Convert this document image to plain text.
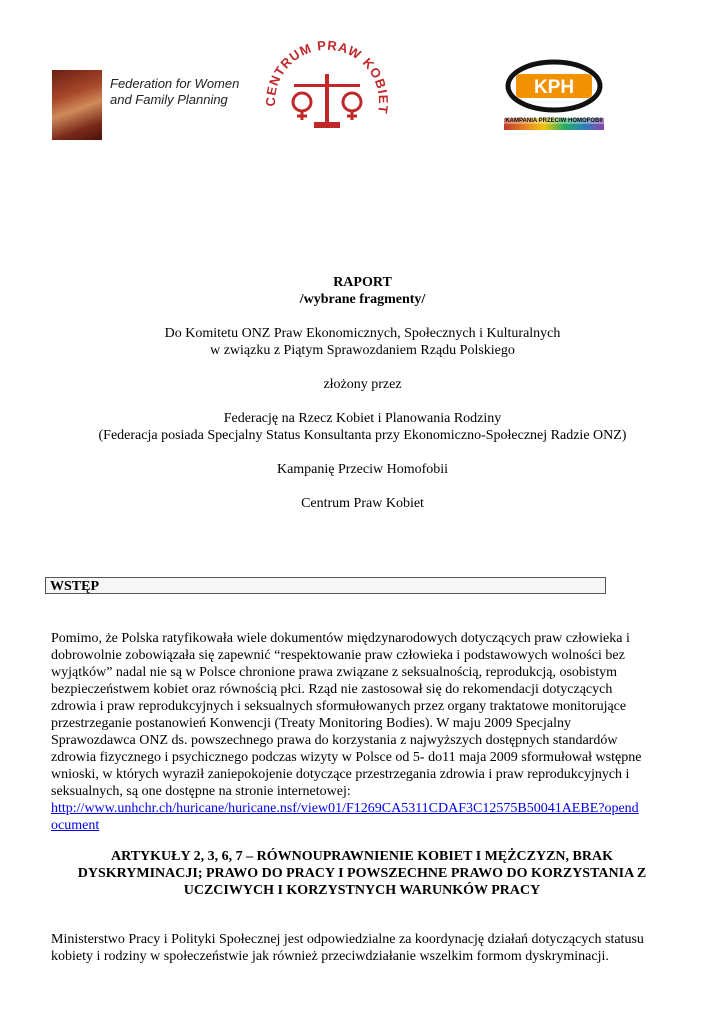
Federation for Women
and Family Planning	CENTRUM PRAW KOBIET
KPH
KAMPANIA PRZECIW HOMOFOBII
RAPORT
/wybrane fragmenty/
Do Komitetu ONZ Praw Ekonomicznych, Społecznych i Kulturalnych
w związku z Piątym Sprawozdaniem Rządu Polskiego
złożony przez
Federację na Rzecz Kobiet i Planowania Rodziny
(Federacja posiada Specjalny Status Konsultanta przy Ekonomiczno-Społecznej Radzie ONZ)
Kampanię Przeciw Homofobii
Centrum Praw Kobiet
WSTĘP
Pomimo, że Polska ratyfikowała wiele dokumentów międzynarodowych dotyczących praw człowieka i
dobrowolnie zobowiązała się zapewnić “respektowanie praw człowieka i podstawowych wolności bez
wyjątków” nadal nie są w Polsce chronione prawa związane z seksualnością, reprodukcją, osobistym
bezpieczeństwem kobiet oraz równością płci. Rząd nie zastosował się do rekomendacji dotyczących
zdrowia i praw reprodukcyjnych i seksualnych sformułowanych przez organy traktatowe monitorujące
przestrzeganie postanowień Konwencji (Treaty Monitoring Bodies). W maju 2009 Specjalny
Sprawozdawca ONZ ds. powszechnego prawa do korzystania z najwyższych dostępnych standardów
zdrowia fizycznego i psychicznego podczas wizyty w Polsce od 5- do11 maja 2009 sformułował wstępne
wnioski, w których wyraził zaniepokojenie dotyczące przestrzegania zdrowia i praw reprodukcyjnych i
seksualnych, są one dostępne na stronie internetowej:
http://www.unhchr.ch/huricane/huricane.nsf/view01/F1269CA5311CDAF3C12575B50041AEBE?opend
ocument
ARTYKUŁY 2, 3, 6, 7 – RÓWNOUPRAWNIENIE KOBIET I MĘŻCZYZN, BRAK
DYSKRYMINACJI; PRAWO DO PRACY I POWSZECHNE PRAWO DO KORZYSTANIA Z
UCZCIWYCH I KORZYSTNYCH WARUNKÓW PRACY
Ministerstwo Pracy i Polityki Społecznej jest odpowiedzialne za koordynację działań dotyczących statusu
kobiety i rodziny w społeczeństwie jak również przeciwdziałanie wszelkim formom dyskryminacji.
